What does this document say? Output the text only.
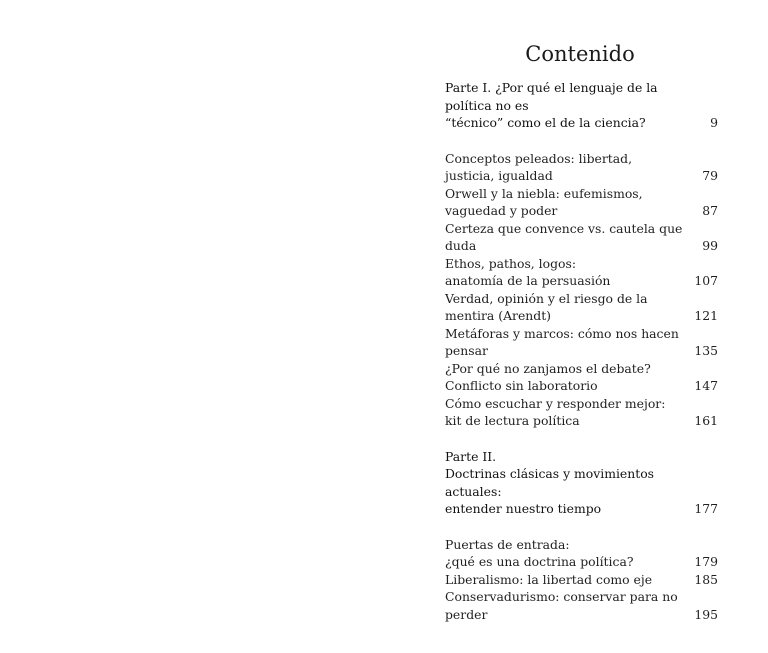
Contenido
Parte I. ¿Por qué el lenguaje de la política no es
“técnico” como el de la ciencia?	9
Conceptos peleados: libertad,
justicia, igualdad	79
Orwell y la niebla: eufemismos,
vaguedad y poder	87
Certeza que convence vs. cautela que duda	99
Ethos, pathos, logos:
anatomía de la persuasión	107
Verdad, opinión y el riesgo de la
mentira (Arendt)	121
Metáforas y marcos: cómo nos hacen pensar	135
¿Por qué no zanjamos el debate?
Conflicto sin laboratorio	147
Cómo escuchar y responder mejor:
kit de lectura política	161
Parte II.
Doctrinas clásicas y movimientos actuales:
entender nuestro tiempo	177
Puertas de entrada:
¿qué es una doctrina política?	179
Liberalismo: la libertad como eje	185
Conservadurismo: conservar para no perder	195
